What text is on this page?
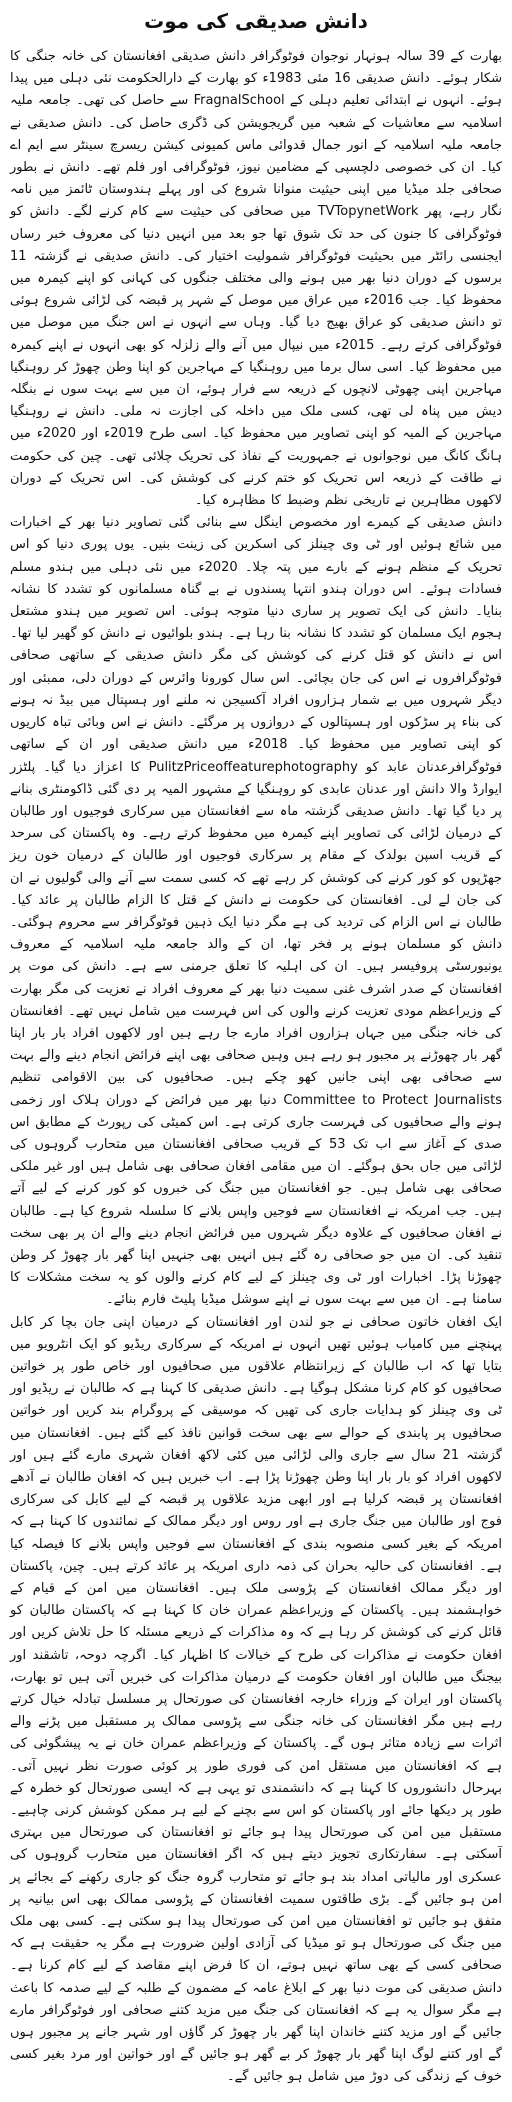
دانش صدیقی کی موت

بھارت کے 39 سالہ ہونہار نوجوان فوٹوگرافر دانش صدیقی افغانستان کی خانہ جنگی کا شکار ہوئے۔ دانش صدیقی 16 مئی 1983ء کو بھارت کے دارالحکومت نئی دہلی میں پیدا ہوئے۔ انہوں نے ابتدائی تعلیم دہلی کے FragnalSchool سے حاصل کی تھی۔ جامعہ ملیہ اسلامیہ سے معاشیات کے شعبہ میں گریجویشن کی ڈگری حاصل کی۔ دانش صدیقی نے جامعہ ملیہ اسلامیہ کے انور جمال قدوائی ماس کمیونی کیشن ریسرچ سینٹر سے ایم اے کیا۔ ان کی خصوصی دلچسپی کے مضامین نیوز، فوٹوگرافی اور فلم تھے۔ دانش نے بطور صحافی جلد میڈیا میں اپنی حیثیت منوانا شروع کی اور پہلے ہندوستان ٹائمز میں نامہ نگار رہے، پھر TVTopynetWork میں صحافی کی حیثیت سے کام کرنے لگے۔ دانش کو فوٹوگرافی کا جنون کی حد تک شوق تھا جو بعد میں انہیں دنیا کی معروف خبر رساں ایجنسی رائٹر میں بحیثیت فوٹوگرافر شمولیت اختیار کی۔ دانش صدیقی نے گزشتہ 11 برسوں کے دوران دنیا بھر میں ہونے والی مختلف جنگوں کی کہانی کو اپنے کیمرہ میں محفوظ کیا۔ جب 2016ء میں عراق میں موصل کے شہر پر قبضہ کی لڑائی شروع ہوئی تو دانش صدیقی کو عراق بھیج دیا گیا۔ وہاں سے انہوں نے اس جنگ میں موصل میں فوٹوگرافی کرتے رہے۔ 2015ء میں نیپال میں آنے والے زلزلہ کو بھی انہوں نے اپنے کیمرہ میں محفوظ کیا۔ اسی سال برما میں روہنگیا کے مہاجرین کو اپنا وطن چھوڑ کر روہنگیا مہاجرین اپنی چھوٹی لانچوں کے ذریعہ سے فرار ہوئے، ان میں سے بہت سوں نے بنگلہ دیش میں پناہ لی تھی، کسی ملک میں داخلہ کی اجازت نہ ملی۔ دانش نے روہنگیا مہاجرین کے المیہ کو اپنی تصاویر میں محفوظ کیا۔ اسی طرح 2019ء اور 2020ء میں ہانگ کانگ میں نوجوانوں نے جمہوریت کے نفاذ کی تحریک چلائی تھی۔ چین کی حکومت نے طاقت کے ذریعہ اس تحریک کو ختم کرنے کی کوشش کی۔ اس تحریک کے دوران لاکھوں مظاہرین نے تاریخی نظم وضبط کا مظاہرہ کیا۔

دانش صدیقی کے کیمرے اور مخصوص اینگل سے بنائی گئی تصاویر دنیا بھر کے اخبارات میں شائع ہوئیں اور ٹی وی چینلز کی اسکرین کی زینت بنیں۔ یوں پوری دنیا کو اس تحریک کے منظم ہونے کے بارے میں پتہ چلا۔ 2020ء میں نئی دہلی میں ہندو مسلم فسادات ہوئے۔ اس دوران ہندو انتہا پسندوں نے بے گناہ مسلمانوں کو تشدد کا نشانہ بنایا۔ دانش کی ایک تصویر پر ساری دنیا متوجہ ہوئی۔ اس تصویر میں ہندو مشتعل ہجوم ایک مسلمان کو تشدد کا نشانہ بنا رہا ہے۔ ہندو بلوائیوں نے دانش کو گھیر لیا تھا۔ اس نے دانش کو قتل کرنے کی کوشش کی مگر دانش صدیقی کے ساتھی صحافی فوٹوگرافروں نے اس کی جان بچائی۔ اس سال کورونا وائرس کے دوران دلی، ممبئی اور دیگر شہروں میں بے شمار ہزاروں افراد آکسیجن نہ ملنے اور ہسپتال میں بیڈ نہ ہونے کی بناء پر سڑکوں اور ہسپتالوں کے دروازوں پر مرگئے۔ دانش نے اس وبائی تباہ کاریوں کو اپنی تصاویر میں محفوظ کیا۔ 2018ء میں دانش صدیقی اور ان کے ساتھی فوٹوگرافرعدنان عابد کو PulitzPriceoffeaturephotography کا اعزاز دیا گیا۔ پلٹزر ایوارڈ والا دانش اور عدنان عابدی کو روہنگیا کے مشہور المیہ پر دی گئی ڈاکومنٹری بنانے پر دیا گیا تھا۔ دانش صدیقی گزشتہ ماہ سے افغانستان میں سرکاری فوجیوں اور طالبان کے درمیان لڑائی کی تصاویر اپنے کیمرہ میں محفوظ کرتے رہے۔ وہ پاکستان کی سرحد کے قریب اسپن بولدک کے مقام پر سرکاری فوجیوں اور طالبان کے درمیان خون ریز جھڑپوں کو کور کرنے کی کوشش کر رہے تھے کہ کسی سمت سے آنے والی گولیوں نے ان کی جان لے لی۔ افغانستان کی حکومت نے دانش کے قتل کا الزام طالبان پر عائد کیا۔ طالبان نے اس الزام کی تردید کی ہے مگر دنیا ایک ذہین فوٹوگرافر سے محروم ہوگئی۔ دانش کو مسلمان ہونے پر فخر تھا، ان کے والد جامعہ ملیہ اسلامیہ کے معروف یونیورسٹی پروفیسر ہیں۔ ان کی اہلیہ کا تعلق جرمنی سے ہے۔ دانش کی موت پر افغانستان کے صدر اشرف غنی سمیت دنیا بھر کے معروف افراد نے تعزیت کی مگر بھارت کے وزیراعظم مودی تعزیت کرنے والوں کی اس فہرست میں شامل نہیں تھے۔ افغانستان کی خانہ جنگی میں جہاں ہزاروں افراد مارے جا رہے ہیں اور لاکھوں افراد بار بار اپنا گھر بار چھوڑنے پر مجبور ہو رہے ہیں وہیں صحافی بھی اپنے فرائض انجام دینے والے بہت سے صحافی بھی اپنی جانیں کھو چکے ہیں۔ صحافیوں کی بین الاقوامی تنظیم Committee to Protect Journalists دنیا بھر میں فرائض کے دوران ہلاک اور زخمی ہونے والے صحافیوں کی فہرست جاری کرتی ہے۔ اس کمیٹی کی رپورٹ کے مطابق اس صدی کے آغاز سے اب تک 53 کے قریب صحافی افغانستان میں متحارب گروہوں کی لڑائی میں جاں بحق ہوگئے۔ ان میں مقامی افغان صحافی بھی شامل ہیں اور غیر ملکی صحافی بھی شامل ہیں۔ جو افغانستان میں جنگ کی خبروں کو کور کرنے کے لیے آتے ہیں۔ جب امریکہ نے افغانستان سے فوجیں واپس بلانے کا سلسلہ شروع کیا ہے۔ طالبان نے افغان صحافیوں کے علاوہ دیگر شہروں میں فرائض انجام دینے والے ان پر بھی سخت تنقید کی۔ ان میں جو صحافی رہ گئے ہیں انہیں بھی جنہیں اپنا گھر بار چھوڑ کر وطن چھوڑنا پڑا۔ اخبارات اور ٹی وی چینلز کے لیے کام کرنے والوں کو یہ سخت مشکلات کا سامنا ہے۔ ان میں سے بہت سوں نے اپنے سوشل میڈیا پلیٹ فارم بنائے۔

ایک افغان خاتون صحافی نے جو لندن اور افغانستان کے درمیان اپنی جان بچا کر کابل پہنچنے میں کامیاب ہوئیں تھیں انہوں نے امریکہ کے سرکاری ریڈیو کو ایک انٹرویو میں بتایا تھا کہ اب طالبان کے زیرانتظام علاقوں میں صحافیوں اور خاص طور پر خواتین صحافیوں کو کام کرنا مشکل ہوگیا ہے۔ دانش صدیقی کا کہنا ہے کہ طالبان نے ریڈیو اور ٹی وی چینلز کو ہدایات جاری کی تھیں کہ موسیقی کے پروگرام بند کریں اور خواتین صحافیوں پر پابندی کے حوالے سے بھی سخت قوانین نافذ کیے گئے ہیں۔ افغانستان میں گزشتہ 21 سال سے جاری والی لڑائی میں کئی لاکھ افغان شہری مارے گئے ہیں اور لاکھوں افراد کو بار بار اپنا وطن چھوڑنا پڑا ہے۔ اب خبریں ہیں کہ افغان طالبان نے آدھے افغانستان پر قبضہ کرلیا ہے اور ابھی مزید علاقوں پر قبضہ کے لیے کابل کی سرکاری فوج اور طالبان میں جنگ جاری ہے اور روس اور دیگر ممالک کے نمائندوں کا کہنا ہے کہ امریکہ کے بغیر کسی منصوبہ بندی کے افغانستان سے فوجیں واپس بلانے کا فیصلہ کیا ہے۔ افغانستان کی حالیہ بحران کی ذمہ داری امریکہ پر عائد کرتے ہیں۔ چین، پاکستان اور دیگر ممالک افغانستان کے پڑوسی ملک ہیں۔ افغانستان میں امن کے قیام کے خواہشمند ہیں۔ پاکستان کے وزیراعظم عمران خان کا کہنا ہے کہ پاکستان طالبان کو قائل کرنے کی کوشش کر رہا ہے کہ وہ مذاکرات کے ذریعے مسئلہ کا حل تلاش کریں اور افغان حکومت نے مذاکرات کی طرح کے خیالات کا اظہار کیا۔ اگرچہ دوحہ، تاشقند اور بیجنگ میں طالبان اور افغان حکومت کے درمیان مذاکرات کی خبریں آتی ہیں تو بھارت، پاکستان اور ایران کے وزراء خارجہ افغانستان کی صورتحال پر مسلسل تبادلہ خیال کرتے رہے ہیں مگر افغانستان کی خانہ جنگی سے پڑوسی ممالک پر مستقبل میں پڑنے والے اثرات سے زیادہ متاثر ہوں گے۔ پاکستان کے وزیراعظم عمران خان نے یہ پیشگوئی کی ہے کہ افغانستان میں مستقل امن کی فوری طور پر کوئی صورت نظر نہیں آتی۔ بہرحال دانشوروں کا کہنا ہے کہ دانشمندی تو یہی ہے کہ ایسی صورتحال کو خطرہ کے طور پر دیکھا جائے اور پاکستان کو اس سے بچنے کے لیے ہر ممکن کوشش کرنی چاہیے۔ مستقبل میں امن کی صورتحال پیدا ہو جائے تو افغانستان کی صورتحال میں بہتری آسکتی ہے۔ سفارتکاری تجویز دیتے ہیں کہ اگر افغانستان میں متحارب گروہوں کی عسکری اور مالیاتی امداد بند ہو جائے تو متحارب گروہ جنگ کو جاری رکھنے کے بجائے پر امن ہو جائیں گے۔ بڑی طاقتوں سمیت افغانستان کے پڑوسی ممالک بھی اس بیانیہ پر متفق ہو جائیں تو افغانستان میں امن کی صورتحال پیدا ہو سکتی ہے۔ کسی بھی ملک میں جنگ کی صورتحال ہو تو میڈیا کی آزادی اولین ضرورت ہے مگر یہ حقیقت ہے کہ صحافی کسی کے بھی ساتھ نہیں ہوتے، ان کا فرض اپنے مقاصد کے لیے کام کرنا ہے۔ دانش صدیقی کی موت دنیا بھر کے ابلاغ عامہ کے مضمون کے طلبہ کے لیے صدمہ کا باعث ہے مگر سوال یہ ہے کہ افغانستان کی جنگ میں مزید کتنے صحافی اور فوٹوگرافر مارے جائیں گے اور مزید کتنے خاندان اپنا گھر بار چھوڑ کر گاؤں اور شہر جانے پر مجبور ہوں گے اور کتنے لوگ اپنا گھر بار چھوڑ کر بے گھر ہو جائیں گے اور خواتین اور مرد بغیر کسی خوف کے زندگی کی دوڑ میں شامل ہو جائیں گے۔
